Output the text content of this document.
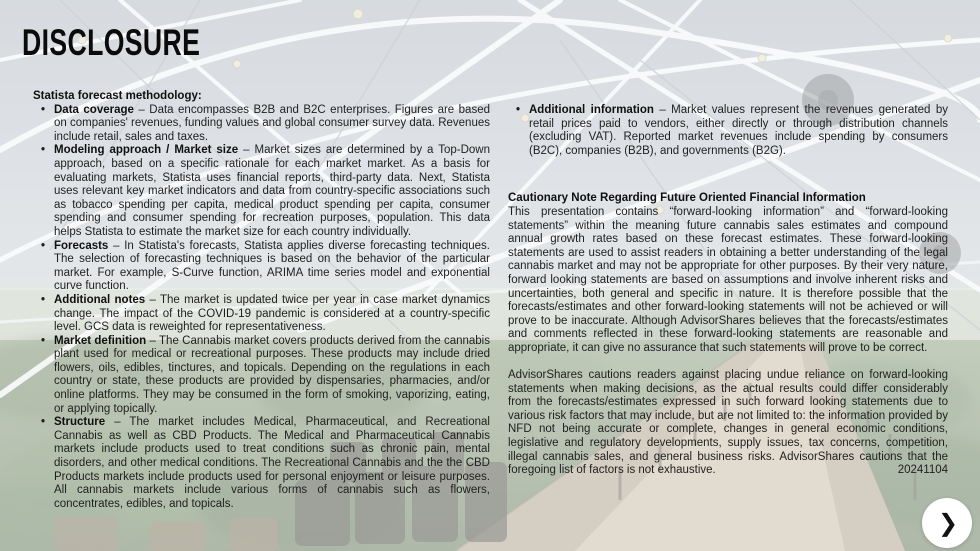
DISCLOSURE
Statista forecast methodology:
• Data coverage – Data encompasses B2B and B2C enterprises. Figures are based on companies' revenues, funding values and global consumer survey data. Revenues include retail, sales and taxes.
• Modeling approach / Market size – Market sizes are determined by a Top-Down approach, based on a specific rationale for each market market. As a basis for evaluating markets, Statista uses financial reports, third-party data. Next, Statista uses relevant key market indicators and data from country-specific associations such as tobacco spending per capita, medical product spending per capita, consumer spending and consumer spending for recreation purposes, population. This data helps Statista to estimate the market size for each country individually.
• Forecasts – In Statista's forecasts, Statista applies diverse forecasting techniques. The selection of forecasting techniques is based on the behavior of the particular market. For example, S-Curve function, ARIMA time series model and exponential curve function.
• Additional notes – The market is updated twice per year in case market dynamics change. The impact of the COVID-19 pandemic is considered at a country-specific level. GCS data is reweighted for representativeness.
• Market definition – The Cannabis market covers products derived from the cannabis plant used for medical or recreational purposes. These products may include dried flowers, oils, edibles, tinctures, and topicals. Depending on the regulations in each country or state, these products are provided by dispensaries, pharmacies, and/or online platforms. They may be consumed in the form of smoking, vaporizing, eating, or applying topically.
• Structure – The market includes Medical, Pharmaceutical, and Recreational Cannabis as well as CBD Products. The Medical and Pharmaceutical Cannabis markets include products used to treat conditions such as chronic pain, mental disorders, and other medical conditions. The Recreational Cannabis and the the CBD Products markets include products used for personal enjoyment or leisure purposes. All cannabis markets include various forms of cannabis such as flowers, concentrates, edibles, and topicals.
• Additional information – Market values represent the revenues generated by retail prices paid to vendors, either directly or through distribution channels (excluding VAT). Reported market revenues include spending by consumers (B2C), companies (B2B), and governments (B2G).
Cautionary Note Regarding Future Oriented Financial Information

This presentation contains “forward-looking information” and “forward-looking statements” within the meaning future cannabis sales estimates and compound annual growth rates based on these forecast estimates. These forward-looking statements are used to assist readers in obtaining a better understanding of the legal cannabis market and may not be appropriate for other purposes. By their very nature, forward looking statements are based on assumptions and involve inherent risks and uncertainties, both general and specific in nature. It is therefore possible that the forecasts/estimates and other forward-looking statements will not be achieved or will prove to be inaccurate. Although AdvisorShares believes that the forecasts/estimates and comments reflected in these forward-looking statements are reasonable and appropriate, it can give no assurance that such statements will prove to be correct.

AdvisorShares cautions readers against placing undue reliance on forward-looking statements when making decisions, as the actual results could differ considerably from the forecasts/estimates expressed in such forward looking statements due to various risk factors that may include, but are not limited to: the information provided by NFD not being accurate or complete, changes in general economic conditions, legislative and regulatory developments, supply issues, tax concerns, competition, illegal cannabis sales, and general business risks. AdvisorShares cautions that the foregoing list of factors is not exhaustive.	20241104

❯
